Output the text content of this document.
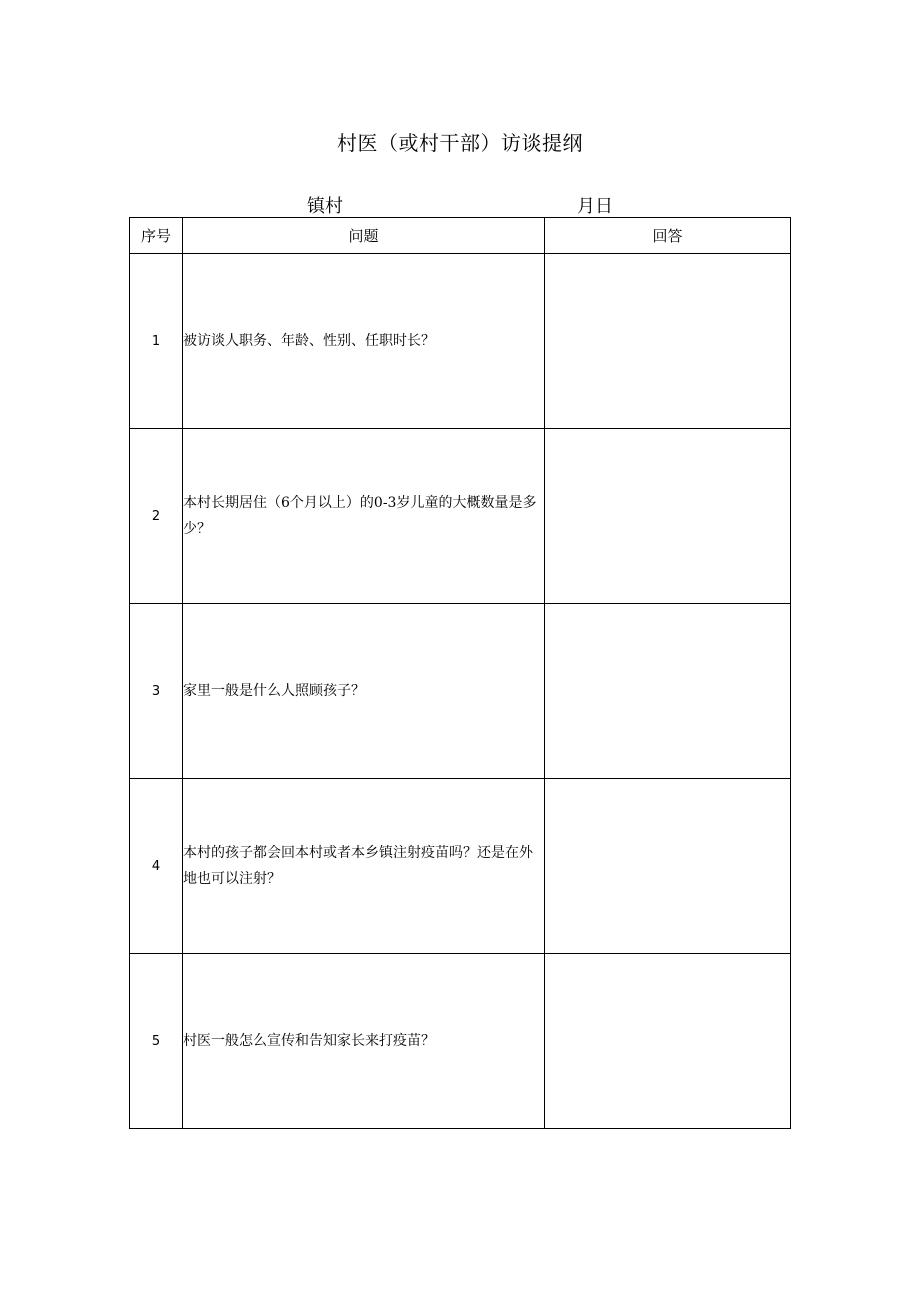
村医（或村干部）访谈提纲
镇村	月日
序号	问题	回答
1	被访谈人职务、年龄、性别、任职时长？	
2	本村长期居住（6个月以上）的0-3岁儿童的大概数量是多少？	
3	家里一般是什么人照顾孩子？	
4	本村的孩子都会回本村或者本乡镇注射疫苗吗？还是在外地也可以注射？	
5	村医一般怎么宣传和告知家长来打疫苗？	
